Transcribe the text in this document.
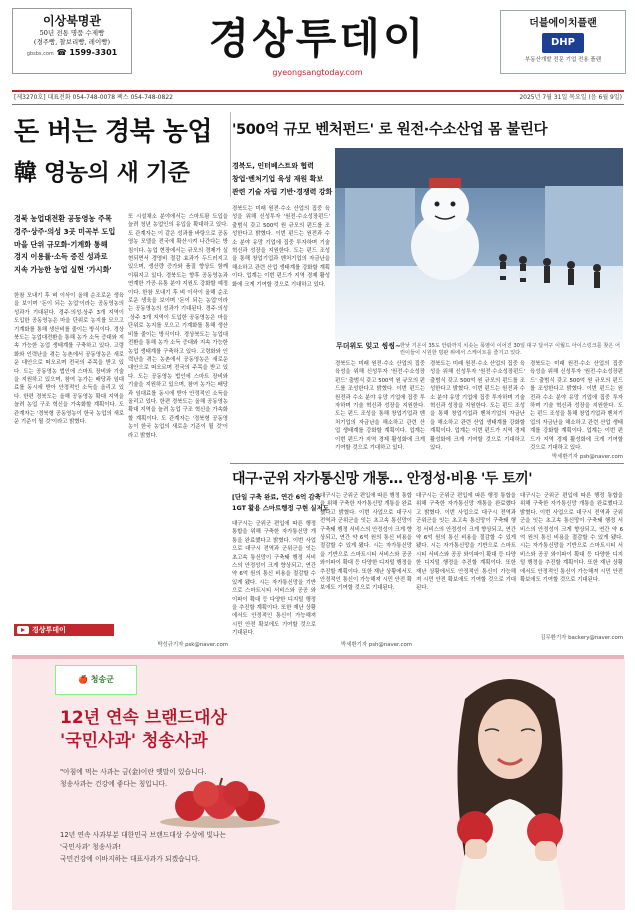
이상북명관
50년 전통 명품 수제빵
(경주빵, 찰보리빵, 레이빵)
gbsbs.com ☎ 1599-3301	경상투데이
gyeongsangtoday.com
더블에이치플랜
DHP
부동산개발 전문 기업 전용 플랜
[제3270호] 대표전화 054-748-0078 팩스 054-748-0822	2025년 7월 31일 목요일 (음 6월 9일)
돈 버는 경북 농업
韓 영농의 새 기준
경북 농업대전환 공동영농 주목
경주·상주·의성 3곳 미곡부 도입
마을 단위 규모화·기계화 통해
경지 이용률·소득 증진 성과로
지속 가능한 농업 실현 '가시화'
한참 모내기 후 벼 이삭이 올해 순조로운 생육을 보이며 '돈이 되는 농업'이라는 공동영농의 성과가 기대된다. 경주·의성·상주 3개 지역이 도입한 공동영농은 마을 단위로 농지를 모으고 기계화를 통해 생산비를 줄이는 방식이다. 경상북도는 농업대전환을 통해 농가 소득 증대와 지속 가능한 농업 생태계를 구축하고 있다. 고령화와 인력난을 겪는 농촌에서 공동영농은 새로운 대안으로 떠오르며 전국의 주목을 받고 있다. 도는 공동영농 법인에 스마트 장비와 기술을 지원하고 있으며, 참여 농가는 배당과 임대료를 동시에 받아 안정적인 소득을 올리고 있다. 한편 경북도는 올해 공동영농 확대 지역을 늘려 농업 구조 혁신을 가속화할 계획이다. 도 관계자는 '경북형 공동영농이 한국 농업의 새로운 기준이 될 것'이라고 밝혔다.
또 시설채소 분야에서는 스마트팜 도입을 늘려 청년 농업인의 유입을 확대하고 있다. 도 관계자는 이 같은 성과를 바탕으로 공동영농 모델을 전국에 확산시켜 나간다는 방침이다. 농업 현장에서는 규모의 경제가 실현되면서 경영비 절감 효과가 두드러지고 있으며, 생산량 증가와 품질 향상도 함께 이뤄지고 있다. 경북도는 향후 공동영농과 연계한 가공·유통 분야 지원도 강화할 예정이다. 한참 모내기 후 벼 이삭이 올해 순조로운 생육을 보이며 '돈이 되는 농업'이라는 공동영농의 성과가 기대된다. 경주·의성·상주 3개 지역이 도입한 공동영농은 마을 단위로 농지를 모으고 기계화를 통해 생산비를 줄이는 방식이다. 경상북도는 농업대전환을 통해 농가 소득 증대와 지속 가능한 농업 생태계를 구축하고 있다. 고령화와 인력난을 겪는 농촌에서 공동영농은 새로운 대안으로 떠오르며 전국의 주목을 받고 있다. 도는 공동영농 법인에 스마트 장비와 기술을 지원하고 있으며, 참여 농가는 배당과 임대료를 동시에 받아 안정적인 소득을 올리고 있다. 한편 경북도는 올해 공동영농 확대 지역을 늘려 농업 구조 혁신을 가속화할 계획이다. 도 관계자는 '경북형 공동영농이 한국 농업의 새로운 기준이 될 것'이라고 밝혔다.
박성규기자 psk@naver.com
경상투데이
'500억 규모 벤처펀드' 로 원전·수소산업 몸 불린다
경북도, 인터베스트와 협력
창업·벤처기업 육성 재원 확보
관련 기술 자립 기반·경쟁력 강화
경북도는 미래 원전·수소 산업의 집중 육성을 위해 신성투자 '원전·수소성장펀드' 출범식 갖고 500억 원 규모의 펀드를 조성한다고 밝혔다. 이번 펀드는 원전과 수소 분야 유망 기업에 집중 투자하며 기술 혁신과 성장을 지원한다. 도는 펀드 조성을 통해 창업기업과 벤처기업의 자금난을 해소하고 관련 산업 생태계를 강화할 계획이다. 업계는 이번 펀드가 지역 경제 활성화에 크게 기여할 것으로 기대하고 있다.
경북도는 미래 원전·수소 산업의 집중 육성을 위해 신성투자 '원전·수소성장펀드' 출범식 갖고 500억 원 규모의 펀드를 조성한다고 밝혔다. 이번 펀드는 원전과 수소 분야 유망 기업에 집중 투자하며 기술 혁신과 성장을 지원한다. 도는 펀드 조성을 통해 창업기업과 벤처기업의 자금난을 해소하고 관련 산업 생태계를 강화할 계획이다. 업계는 이번 펀드가 지역 경제 활성화에 크게 기여할 것으로 기대하고 있다.
경북도는 미래 원전·수소 산업의 집중 육성을 위해 신성투자 '원전·수소성장펀드' 출범식 갖고 500억 원 규모의 펀드를 조성한다고 밝혔다. 이번 펀드는 원전과 수소 분야 유망 기업에 집중 투자하며 기술 혁신과 성장을 지원한다. 도는 펀드 조성을 통해 창업기업과 벤처기업의 자금난을 해소하고 관련 산업 생태계를 강화할 계획이다. 업계는 이번 펀드가 지역 경제 활성화에 크게 기여할 것으로 기대하고 있다.
경북도는 미래 원전·수소 산업의 집중 육성을 위해 신성투자 '원전·수소성장펀드' 출범식 갖고 500억 원 규모의 펀드를 조성한다고 밝혔다. 이번 펀드는 원전과 수소 분야 유망 기업에 집중 투자하며 기술 혁신과 성장을 지원한다. 도는 펀드 조성을 통해 창업기업과 벤처기업의 자금난을 해소하고 관련 산업 생태계를 강화할 계획이다. 업계는 이번 펀드가 지역 경제 활성화에 크게 기여할 것으로 기대하고 있다.
박세환기자 psh@naver.com
무더위도 잊고 씽씽~ 한낮 기온이 35도 안팎까지 치솟는 폭염이 이어진 30일 대구 달서구 이월드 아이스링크를 찾은 어린이들이 시원한 빙판 위에서 스케이트를 즐기고 있다.
대구·군위 자가통신망 개통… 안정성·비용 '두 토끼'
[단일 구축 완료, 연간 6억 감축
1GT 활용 스마트행정 구현 실저도
대구시는 군위군 편입에 따른 행정 통합을 위해 구축한 자가통신망 개통을 완료했다고 밝혔다. 이번 사업으로 대구시 전역과 군위군을 잇는 초고속 통신망이 구축돼 행정 서비스의 안정성이 크게 향상되고, 연간 약 6억 원의 통신 비용을 절감할 수 있게 됐다. 시는 자가통신망을 기반으로 스마트시티 서비스와 공공 와이파이 확대 등 다양한 디지털 행정을 추진할 계획이다. 또한 재난 상황에서도 안정적인 통신이 가능해져 시민 안전 확보에도 기여할 것으로 기대된다.
대구시는 군위군 편입에 따른 행정 통합을 위해 구축한 자가통신망 개통을 완료했다고 밝혔다. 이번 사업으로 대구시 전역과 군위군을 잇는 초고속 통신망이 구축돼 행정 서비스의 안정성이 크게 향상되고, 연간 약 6억 원의 통신 비용을 절감할 수 있게 됐다. 시는 자가통신망을 기반으로 스마트시티 서비스와 공공 와이파이 확대 등 다양한 디지털 행정을 추진할 계획이다. 또한 재난 상황에서도 안정적인 통신이 가능해져 시민 안전 확보에도 기여할 것으로 기대된다.
대구시는 군위군 편입에 따른 행정 통합을 위해 구축한 자가통신망 개통을 완료했다고 밝혔다. 이번 사업으로 대구시 전역과 군위군을 잇는 초고속 통신망이 구축돼 행정 서비스의 안정성이 크게 향상되고, 연간 약 6억 원의 통신 비용을 절감할 수 있게 됐다. 시는 자가통신망을 기반으로 스마트시티 서비스와 공공 와이파이 확대 등 다양한 디지털 행정을 추진할 계획이다. 또한 재난 상황에서도 안정적인 통신이 가능해져 시민 안전 확보에도 기여할 것으로 기대된다.
대구시는 군위군 편입에 따른 행정 통합을 위해 구축한 자가통신망 개통을 완료했다고 밝혔다. 이번 사업으로 대구시 전역과 군위군을 잇는 초고속 통신망이 구축돼 행정 서비스의 안정성이 크게 향상되고, 연간 약 6억 원의 통신 비용을 절감할 수 있게 됐다. 시는 자가통신망을 기반으로 스마트시티 서비스와 공공 와이파이 확대 등 다양한 디지털 행정을 추진할 계획이다. 또한 재난 상황에서도 안정적인 통신이 가능해져 시민 안전 확보에도 기여할 것으로 기대된다.
김무환기자 backery@naver.com
박세환기자 psh@naver.com
🍎 청송군
12년 연속 브랜드대상
'국민사과' 청송사과
"아침에 먹는 사과는 금(金)이란 옛말이 있습니다.
청송사과는 건강에 좋다는 칭입니다.
12년 연속 사과부분 대한민국 브랜드대상 수상에 빛나는
'국민사과' 청송사과!
국민건강에 이바지하는 대표사과가 되겠습니다.
